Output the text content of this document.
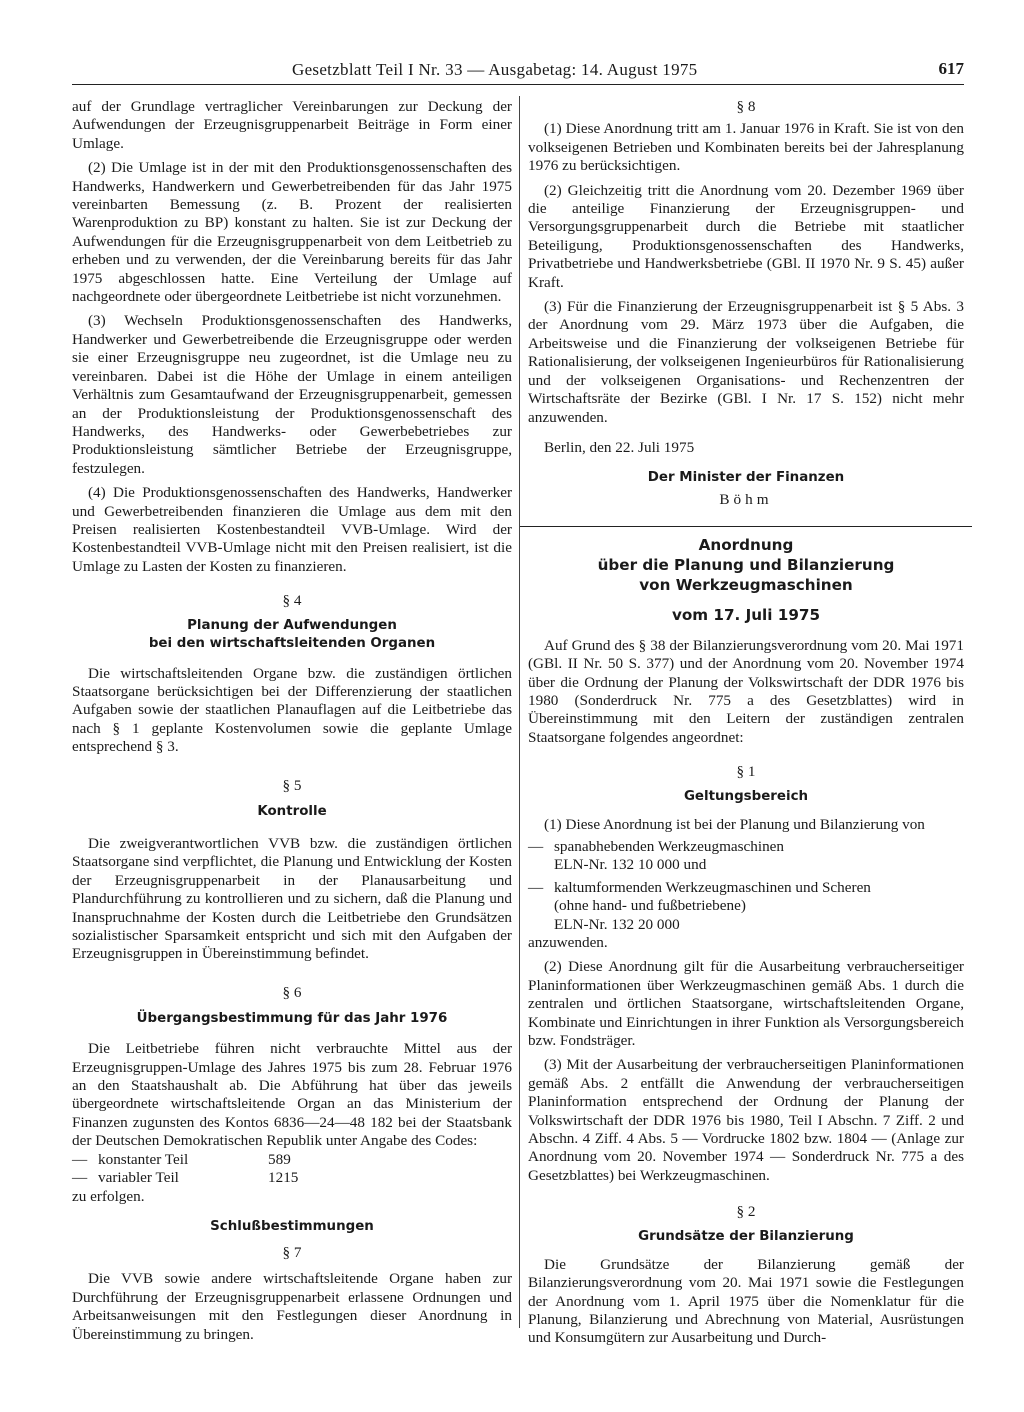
Gesetzblatt Teil I Nr. 33 — Ausgabetag: 14. August 1975	617

auf der Grundlage vertraglicher Vereinbarungen zur Deckung der Aufwendungen der Erzeugnisgruppenarbeit Beiträge in Form einer Umlage.

(2) Die Umlage ist in der mit den Produktionsgenossenschaften des Handwerks, Handwerkern und Gewerbetreibenden für das Jahr 1975 vereinbarten Bemessung (z. B. Prozent der realisierten Warenproduktion zu BP) konstant zu halten. Sie ist zur Deckung der Aufwendungen für die Erzeugnisgruppenarbeit von dem Leitbetrieb zu erheben und zu verwenden, der die Vereinbarung bereits für das Jahr 1975 abgeschlossen hatte. Eine Verteilung der Umlage auf nachgeordnete oder übergeordnete Leitbetriebe ist nicht vorzunehmen.

(3) Wechseln Produktionsgenossenschaften des Handwerks, Handwerker und Gewerbetreibende die Erzeugnisgruppe oder werden sie einer Erzeugnisgruppe neu zugeordnet, ist die Umlage neu zu vereinbaren. Dabei ist die Höhe der Umlage in einem anteiligen Verhältnis zum Gesamtaufwand der Erzeugnisgruppenarbeit, gemessen an der Produktionsleistung der Produktionsgenossenschaft des Handwerks, des Handwerks- oder Gewerbebetriebes zur Produktionsleistung sämtlicher Betriebe der Erzeugnisgruppe, festzulegen.

(4) Die Produktionsgenossenschaften des Handwerks, Handwerker und Gewerbetreibenden finanzieren die Umlage aus dem mit den Preisen realisierten Kostenbestandteil VVB-Umlage. Wird der Kostenbestandteil VVB-Umlage nicht mit den Preisen realisiert, ist die Umlage zu Lasten der Kosten zu finanzieren.

§ 4
Planung der Aufwendungen
bei den wirtschaftsleitenden Organen

Die wirtschaftsleitenden Organe bzw. die zuständigen örtlichen Staatsorgane berücksichtigen bei der Differenzierung der staatlichen Aufgaben sowie der staatlichen Planauflagen auf die Leitbetriebe das nach § 1 geplante Kostenvolumen sowie die geplante Umlage entsprechend § 3.

§ 5
Kontrolle

Die zweigverantwortlichen VVB bzw. die zuständigen örtlichen Staatsorgane sind verpflichtet, die Planung und Entwicklung der Kosten der Erzeugnisgruppenarbeit in der Planausarbeitung und Plandurchführung zu kontrollieren und zu sichern, daß die Planung und Inanspruchnahme der Kosten durch die Leitbetriebe den Grundsätzen sozialistischer Sparsamkeit entspricht und sich mit den Aufgaben der Erzeugnisgruppen in Übereinstimmung befindet.

§ 6
Übergangsbestimmung für das Jahr 1976

Die Leitbetriebe führen nicht verbrauchte Mittel aus der Erzeugnisgruppen-Umlage des Jahres 1975 bis zum 28. Februar 1976 an den Staatshaushalt ab. Die Abführung hat über das jeweils übergeordnete wirtschaftsleitende Organ an das Ministerium der Finanzen zugunsten des Kontos 6836—24—48 182 bei der Staatsbank der Deutschen Demokratischen Republik unter Angabe des Codes:

— konstanter Teil	589
— variabler Teil	1215

zu erfolgen.

Schlußbestimmungen
§ 7

Die VVB sowie andere wirtschaftsleitende Organe haben zur Durchführung der Erzeugnisgruppenarbeit erlassene Ordnungen und Arbeitsanweisungen mit den Festlegungen dieser Anordnung in Übereinstimmung zu bringen.

§ 8

(1) Diese Anordnung tritt am 1. Januar 1976 in Kraft. Sie ist von den volkseigenen Betrieben und Kombinaten bereits bei der Jahresplanung 1976 zu berücksichtigen.

(2) Gleichzeitig tritt die Anordnung vom 20. Dezember 1969 über die anteilige Finanzierung der Erzeugnisgruppen- und Versorgungsgruppenarbeit durch die Betriebe mit staatlicher Beteiligung, Produktionsgenossenschaften des Handwerks, Privatbetriebe und Handwerksbetriebe (GBl. II 1970 Nr. 9 S. 45) außer Kraft.

(3) Für die Finanzierung der Erzeugnisgruppenarbeit ist § 5 Abs. 3 der Anordnung vom 29. März 1973 über die Aufgaben, die Arbeitsweise und die Finanzierung der volkseigenen Betriebe für Rationalisierung, der volkseigenen Ingenieurbüros für Rationalisierung und der volkseigenen Organisations- und Rechenzentren der Wirtschaftsräte der Bezirke (GBl. I Nr. 17 S. 152) nicht mehr anzuwenden.

Berlin, den 22. Juli 1975

Der Minister der Finanzen
Böhm
Anordnung
über die Planung und Bilanzierung
von Werkzeugmaschinen
vom 17. Juli 1975

Auf Grund des § 38 der Bilanzierungsverordnung vom 20. Mai 1971 (GBl. II Nr. 50 S. 377) und der Anordnung vom 20. November 1974 über die Ordnung der Planung der Volkswirtschaft der DDR 1976 bis 1980 (Sonderdruck Nr. 775 a des Gesetzblattes) wird in Übereinstimmung mit den Leitern der zuständigen zentralen Staatsorgane folgendes angeordnet:

§ 1
Geltungsbereich

(1) Diese Anordnung ist bei der Planung und Bilanzierung von

— spanabhebenden Werkzeugmaschinen
ELN-Nr. 132 10 000 und
— kaltumformenden Werkzeugmaschinen und Scheren
(ohne hand- und fußbetriebene)
ELN-Nr. 132 20 000

anzuwenden.

(2) Diese Anordnung gilt für die Ausarbeitung verbraucherseitiger Planinformationen über Werkzeugmaschinen gemäß Abs. 1 durch die zentralen und örtlichen Staatsorgane, wirtschaftsleitenden Organe, Kombinate und Einrichtungen in ihrer Funktion als Versorgungsbereich bzw. Fondsträger.

(3) Mit der Ausarbeitung der verbraucherseitigen Planinformationen gemäß Abs. 2 entfällt die Anwendung der verbraucherseitigen Planinformation entsprechend der Ordnung der Planung der Volkswirtschaft der DDR 1976 bis 1980, Teil I Abschn. 7 Ziff. 2 und Abschn. 4 Ziff. 4 Abs. 5 — Vordrucke 1802 bzw. 1804 — (Anlage zur Anordnung vom 20. November 1974 — Sonderdruck Nr. 775 a des Gesetzblattes) bei Werkzeugmaschinen.

§ 2
Grundsätze der Bilanzierung

Die Grundsätze der Bilanzierung gemäß der Bilanzierungsverordnung vom 20. Mai 1971 sowie die Festlegungen der Anordnung vom 1. April 1975 über die Nomenklatur für die Planung, Bilanzierung und Abrechnung von Material, Ausrüstungen und Konsumgütern zur Ausarbeitung und Durch-
